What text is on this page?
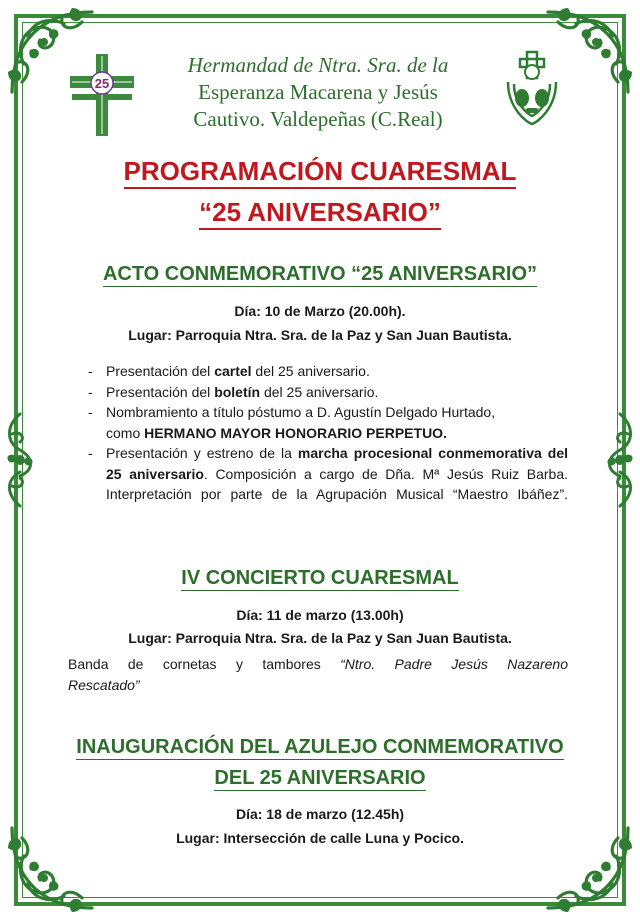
25
Hermandad de Ntra. Sra. de la
Esperanza Macarena y Jesús
Cautivo. Valdepeñas (C.Real)
PROGRAMACIÓN CUARESMAL
“25 ANIVERSARIO”
ACTO CONMEMORATIVO “25 ANIVERSARIO”
Día: 10 de Marzo (20.00h).
Lugar: Parroquia Ntra. Sra. de la Paz y San Juan Bautista.
- Presentación del cartel del 25 aniversario.
- Presentación del boletín del 25 aniversario.
- Nombramiento a título póstumo a D. Agustín Delgado Hurtado,
como HERMANO MAYOR HONORARIO PERPETUO.
- Presentación y estreno de la marcha procesional conmemorativa del 25 aniversario. Composición a cargo de Dña. Mª Jesús Ruiz Barba. Interpretación por parte de la Agrupación Musical “Maestro Ibáñez”.
IV CONCIERTO CUARESMAL
Día: 11 de marzo (13.00h)
Lugar: Parroquia Ntra. Sra. de la Paz y San Juan Bautista.
Banda de cornetas y tambores “Ntro. Padre Jesús Nazareno
Rescatado”
INAUGURACIÓN DEL AZULEJO CONMEMORATIVO
DEL 25 ANIVERSARIO
Día: 18 de marzo (12.45h)
Lugar: Intersección de calle Luna y Pocico.
